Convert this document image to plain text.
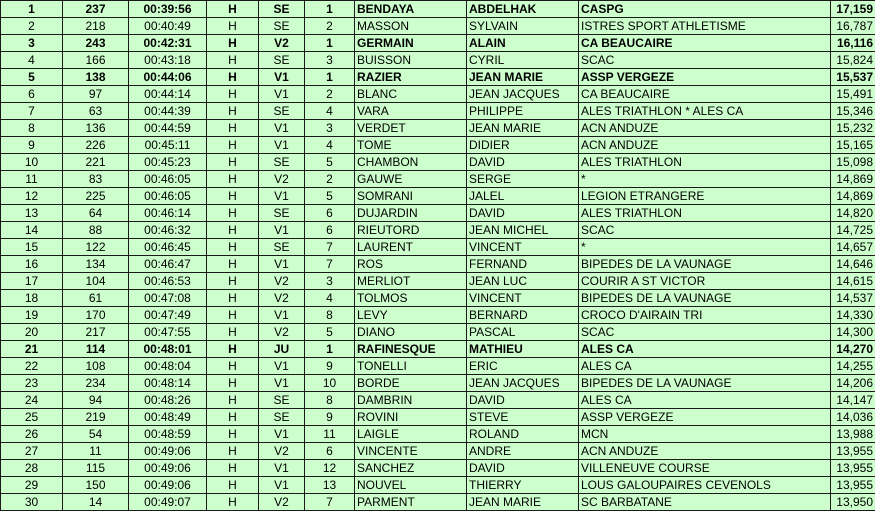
1	237	00:39:56	H	SE	1	BENDAYA	ABDELHAK	CASPG	17,159
2	218	00:40:49	H	SE	2	MASSON	SYLVAIN	ISTRES SPORT ATHLETISME	16,787
3	243	00:42:31	H	V2	1	GERMAIN	ALAIN	CA BEAUCAIRE	16,116
4	166	00:43:18	H	SE	3	BUISSON	CYRIL	SCAC	15,824
5	138	00:44:06	H	V1	1	RAZIER	JEAN MARIE	ASSP VERGEZE	15,537
6	97	00:44:14	H	V1	2	BLANC	JEAN JACQUES	CA BEAUCAIRE	15,491
7	63	00:44:39	H	SE	4	VARA	PHILIPPE	ALES TRIATHLON * ALES CA	15,346
8	136	00:44:59	H	V1	3	VERDET	JEAN MARIE	ACN ANDUZE	15,232
9	226	00:45:11	H	V1	4	TOME	DIDIER	ACN ANDUZE	15,165
10	221	00:45:23	H	SE	5	CHAMBON	DAVID	ALES TRIATHLON	15,098
11	83	00:46:05	H	V2	2	GAUWE	SERGE	*	14,869
12	225	00:46:05	H	V1	5	SOMRANI	JALEL	LEGION ETRANGERE	14,869
13	64	00:46:14	H	SE	6	DUJARDIN	DAVID	ALES TRIATHLON	14,820
14	88	00:46:32	H	V1	6	RIEUTORD	JEAN MICHEL	SCAC	14,725
15	122	00:46:45	H	SE	7	LAURENT	VINCENT	*	14,657
16	134	00:46:47	H	V1	7	ROS	FERNAND	BIPEDES DE LA VAUNAGE	14,646
17	104	00:46:53	H	V2	3	MERLIOT	JEAN LUC	COURIR A ST VICTOR	14,615
18	61	00:47:08	H	V2	4	TOLMOS	VINCENT	BIPEDES DE LA VAUNAGE	14,537
19	170	00:47:49	H	V1	8	LEVY	BERNARD	CROCO D'AIRAIN TRI	14,330
20	217	00:47:55	H	V2	5	DIANO	PASCAL	SCAC	14,300
21	114	00:48:01	H	JU	1	RAFINESQUE	MATHIEU	ALES CA	14,270
22	108	00:48:04	H	V1	9	TONELLI	ERIC	ALES CA	14,255
23	234	00:48:14	H	V1	10	BORDE	JEAN JACQUES	BIPEDES DE LA VAUNAGE	14,206
24	94	00:48:26	H	SE	8	DAMBRIN	DAVID	ALES CA	14,147
25	219	00:48:49	H	SE	9	ROVINI	STEVE	ASSP VERGEZE	14,036
26	54	00:48:59	H	V1	11	LAIGLE	ROLAND	MCN	13,988
27	11	00:49:06	H	V2	6	VINCENTE	ANDRE	ACN ANDUZE	13,955
28	115	00:49:06	H	V1	12	SANCHEZ	DAVID	VILLENEUVE COURSE	13,955
29	150	00:49:06	H	V1	13	NOUVEL	THIERRY	LOUS GALOUPAIRES CEVENOLS	13,955
30	14	00:49:07	H	V2	7	PARMENT	JEAN MARIE	SC BARBATANE	13,950
